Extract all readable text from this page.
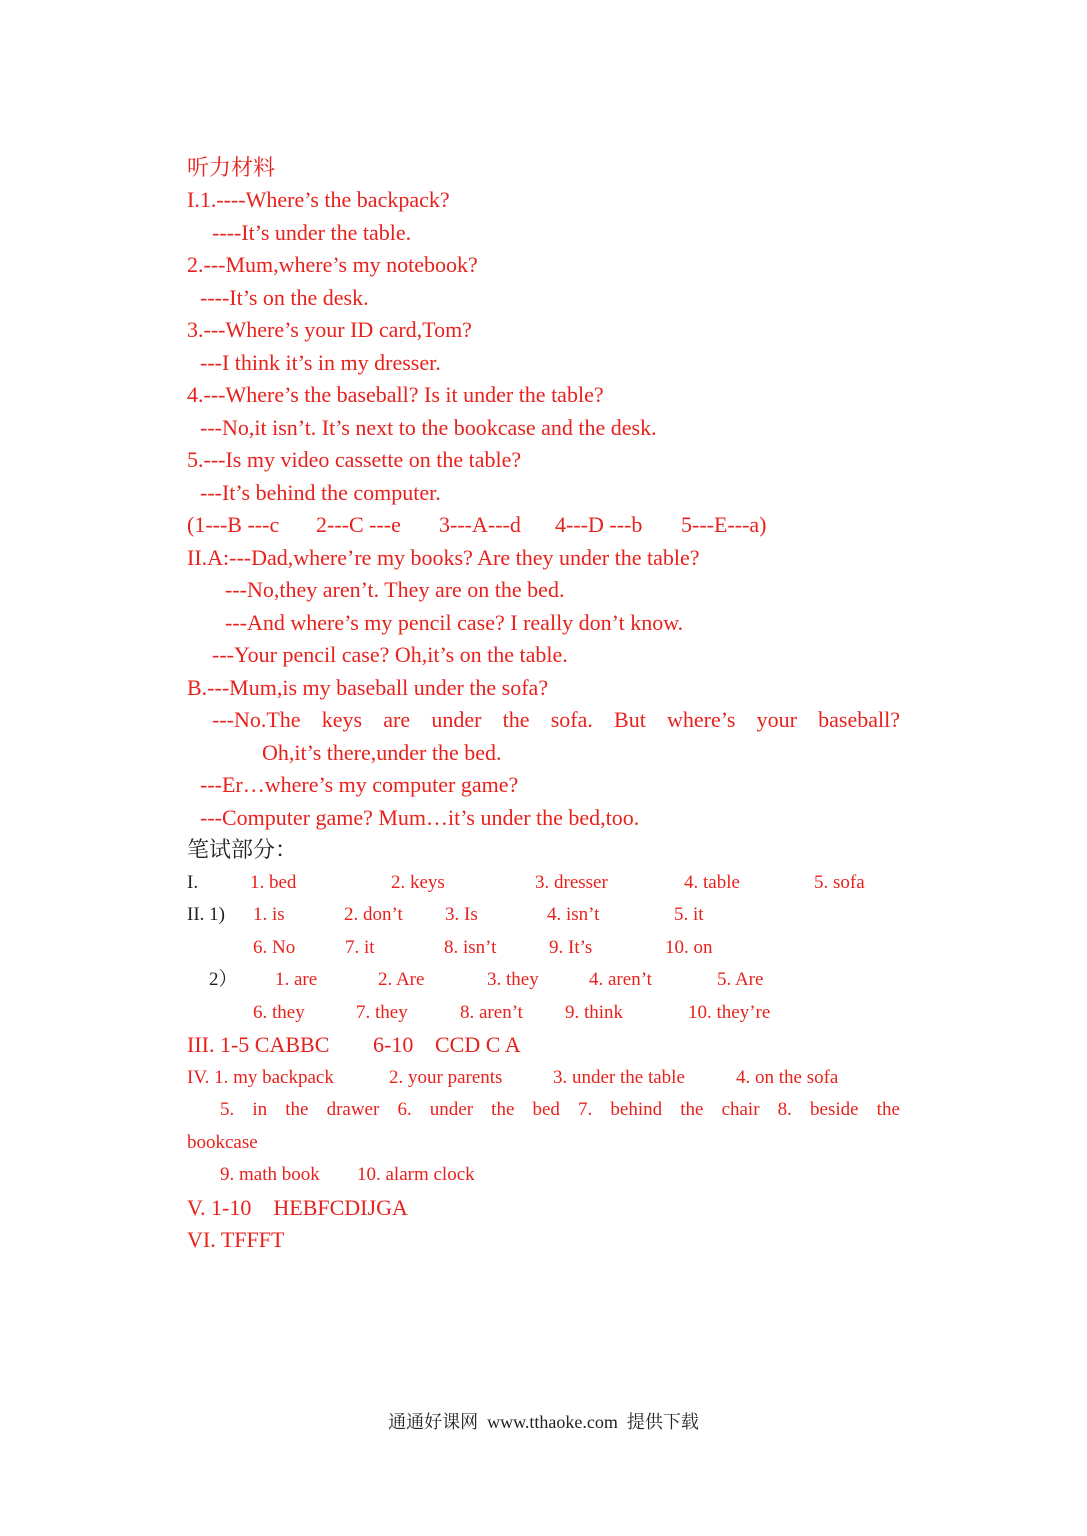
听力材料
I.1.----Where’s the backpack?
----It’s under the table.
2.---Mum,where’s my notebook?
----It’s on the desk.
3.---Where’s your ID card,Tom?
---I think it’s in my dresser.
4.---Where’s the baseball? Is it under the table?
---No,it isn’t. It’s next to the bookcase and the desk.
5.---Is my video cassette on the table?
---It’s behind the computer.
(1---B ---c 2---C ---e 3---A---d 4---D ---b 5---E---a)
II.A:---Dad,where’re my books? Are they under the table?
---No,they aren’t. They are on the bed.
---And where’s my pencil case? I really don’t know.
---Your pencil case? Oh,it’s on the table.
B.---Mum,is my baseball under the sofa?
---No.The keys are under the sofa. But where’s your baseball?
Oh,it’s there,under the bed.
---Er…where’s my computer game?
---Computer game? Mum…it’s under the bed,too.
笔试部分：
I.	1. bed	2. keys	3. dresser	4. table	5. sofa
II. 1) 1. is	2. don’t 3. Is	4. isn’t	5. it
6. No	7. it	8. isn’t	9. It’s	10. on
2） 1. are	2. Are	3. they	4. aren’t	5. Are
6. they	7. they	8. aren’t 9. think	10. they’re
III. 1-5 CABBC 6-10 CCD C A
IV. 1. my backpack	2. your parents	3. under the table	4. on the sofa
5. in the drawer 6. under the bed 7. behind the chair 8. beside the
bookcase
9. math book 10. alarm clock
V. 1-10    HEBFCDIJGA
VI. TFFFT
通通好课网  www.tthaoke.com  提供下载
